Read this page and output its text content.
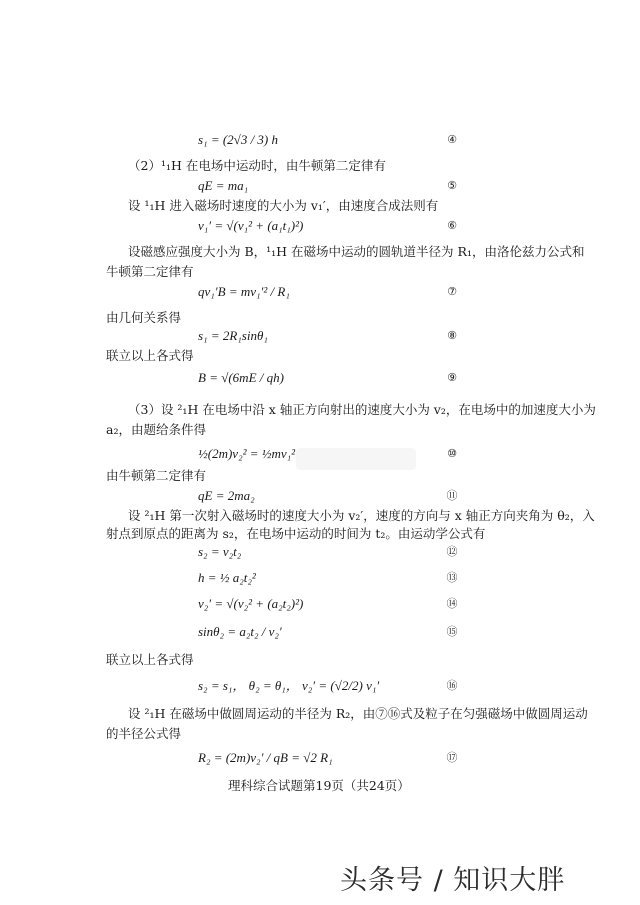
s₁ = (2√3 / 3) h	④
（2）¹₁H 在电场中运动时，由牛顿第二定律有
qE = ma₁	⑤
设 ¹₁H 进入磁场时速度的大小为 v₁′，由速度合成法则有
v₁′ = √(v₁² + (a₁t₁)²)	⑥
设磁感应强度大小为 B，¹₁H 在磁场中运动的圆轨道半径为 R₁，由洛伦兹力公式和
牛顿第二定律有
qv₁′B = mv₁′² / R₁	⑦
由几何关系得
s₁ = 2R₁sinθ₁	⑧
联立以上各式得
B = √(6mE / qh)	⑨
（3）设 ²₁H 在电场中沿 x 轴正方向射出的速度大小为 v₂，在电场中的加速度大小为
a₂，由题给条件得
½(2m)v₂² = ½mv₁²	⑩
由牛顿第二定律有
qE = 2ma₂	⑪
设 ²₁H 第一次射入磁场时的速度大小为 v₂′，速度的方向与 x 轴正方向夹角为 θ₂，入
射点到原点的距离为 s₂，在电场中运动的时间为 t₂。由运动学公式有
s₂ = v₂t₂	⑫
h = ½ a₂t₂²	⑬
v₂′ = √(v₂² + (a₂t₂)²)	⑭
sinθ₂ = a₂t₂ / v₂′	⑮
联立以上各式得
s₂ = s₁， θ₂ = θ₁， v₂′ = (√2/2) v₁′	⑯
设 ²₁H 在磁场中做圆周运动的半径为 R₂，由⑦⑯式及粒子在匀强磁场中做圆周运动
的半径公式得
R₂ = (2m)v₂′ / qB = √2 R₁	⑰
理科综合试题第19页（共24页）
头条号 / 知识大胖
